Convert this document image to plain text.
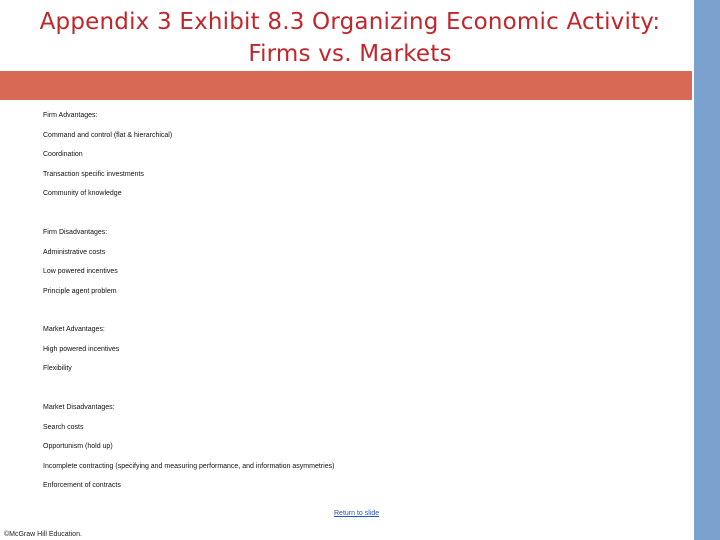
Appendix 3 Exhibit 8.3 Organizing Economic Activity:
Firms vs. Markets
Firm Advantages:
Command and control (flat & hierarchical)
Coordination
Transaction specific investments
Community of knowledge
Firm Disadvantages:
Administrative costs
Low powered incentives
Principle agent problem
Market Advantages:
High powered incentives
Flexibility
Market Disadvantages:
Search costs
Opportunism (hold up)
Incomplete contracting (specifying and measuring performance, and information asymmetries)
Enforcement of contracts
Return to slide
©McGraw Hill Education.
